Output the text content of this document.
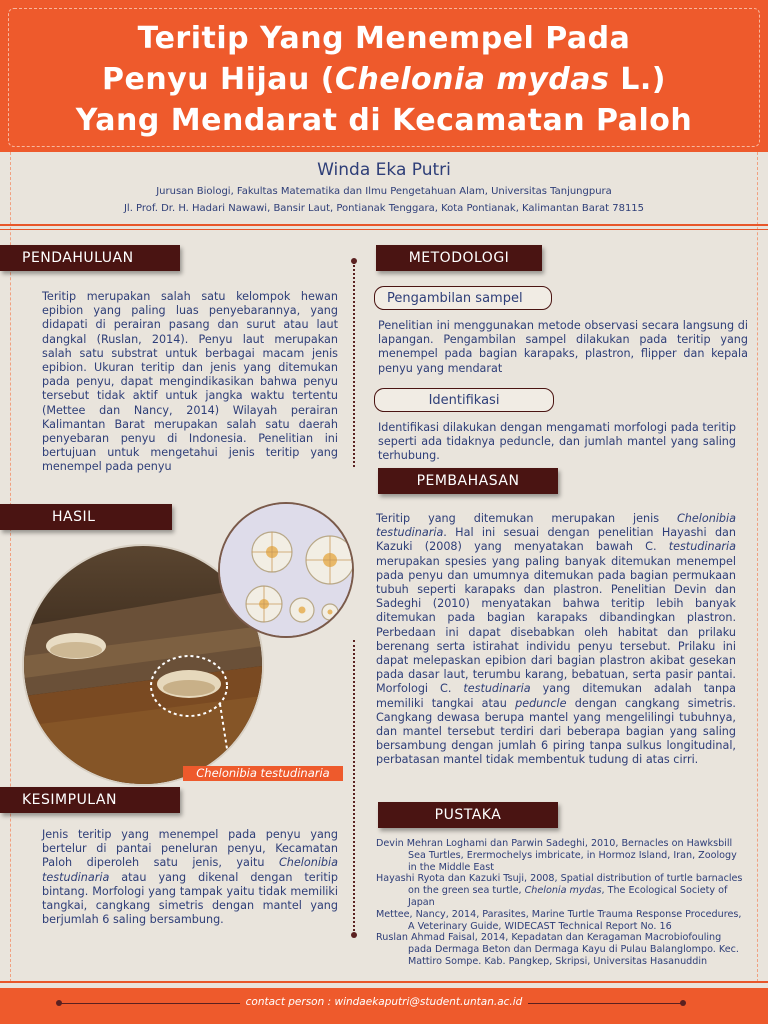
Teritip Yang Menempel Pada
Penyu Hijau (Chelonia mydas L.)
Yang Mendarat di Kecamatan Paloh
Winda Eka Putri
Jurusan Biologi, Fakultas Matematika dan Ilmu Pengetahuan Alam, Universitas Tanjungpura
Jl. Prof. Dr. H. Hadari Nawawi, Bansir Laut, Pontianak Tenggara, Kota Pontianak, Kalimantan Barat 78115
PENDAHULUAN
Teritip merupakan salah satu kelompok hewan epibion yang paling luas penyebarannya, yang didapati di perairan pasang dan surut atau laut dangkal (Ruslan, 2014). Penyu laut merupakan salah satu substrat untuk berbagai macam jenis epibion. Ukuran teritip dan jenis yang ditemukan pada penyu, dapat mengindikasikan bahwa penyu tersebut tidak aktif untuk jangka waktu tertentu (Mettee dan Nancy, 2014) Wilayah perairan Kalimantan Barat merupakan salah satu daerah penyebaran penyu di Indonesia. Penelitian ini bertujuan untuk mengetahui jenis teritip yang menempel pada penyu
HASIL
Chelonibia testudinaria
KESIMPULAN
Jenis teritip yang menempel pada penyu yang bertelur di pantai peneluran penyu, Kecamatan Paloh diperoleh satu jenis, yaitu Chelonibia testudinaria atau yang dikenal dengan teritip bintang. Morfologi yang tampak yaitu tidak memiliki tangkai, cangkang simetris dengan mantel yang berjumlah 6 saling bersambung.
METODOLOGI
Pengambilan sampel
Penelitian ini menggunakan metode observasi secara langsung di lapangan. Pengambilan sampel dilakukan pada teritip yang menempel pada bagian karapaks, plastron, flipper dan kepala penyu yang mendarat
Identifikasi
Identifikasi dilakukan dengan mengamati morfologi pada teritip seperti ada tidaknya peduncle, dan jumlah mantel yang saling terhubung.
PEMBAHASAN
Teritip yang ditemukan merupakan jenis Chelonibia testudinaria. Hal ini sesuai dengan penelitian Hayashi dan Kazuki (2008) yang menyatakan bawah C. testudinaria merupakan spesies yang paling banyak ditemukan menempel pada penyu dan umumnya ditemukan pada bagian permukaan tubuh seperti karapaks dan plastron. Penelitian Devin dan Sadeghi (2010) menyatakan bahwa teritip lebih banyak ditemukan pada bagian karapaks dibandingkan plastron. Perbedaan ini dapat disebabkan oleh habitat dan prilaku berenang serta istirahat individu penyu tersebut. Prilaku ini dapat melepaskan epibion dari bagian plastron akibat gesekan pada dasar laut, terumbu karang, bebatuan, serta pasir pantai. Morfologi C. testudinaria yang ditemukan adalah tanpa memiliki tangkai atau peduncle dengan cangkang simetris. Cangkang dewasa berupa mantel yang mengelilingi tubuhnya, dan mantel tersebut terdiri dari beberapa bagian yang saling bersambung dengan jumlah 6 piring tanpa sulkus longitudinal, perbatasan mantel tidak membentuk tudung di atas cirri.
PUSTAKA
Devin Mehran Loghami dan Parwin Sadeghi, 2010, Bernacles on Hawksbill Sea Turtles, Erermochelys imbricate, in Hormoz Island, Iran, Zoology in the Middle East
Hayashi Ryota dan Kazuki Tsuji, 2008, Spatial distribution of turtle barnacles on the green sea turtle, Chelonia mydas, The Ecological Society of Japan
Mettee, Nancy, 2014, Parasites, Marine Turtle Trauma Response Procedures, A Veterinary Guide, WIDECAST Technical Report No. 16
Ruslan Ahmad Faisal, 2014, Kepadatan dan Keragaman Macrobiofouling pada Dermaga Beton dan Dermaga Kayu di Pulau Balanglompo. Kec. Mattiro Sompe. Kab. Pangkep, Skripsi, Universitas Hasanuddin
contact person : windaekaputri@student.untan.ac.id
